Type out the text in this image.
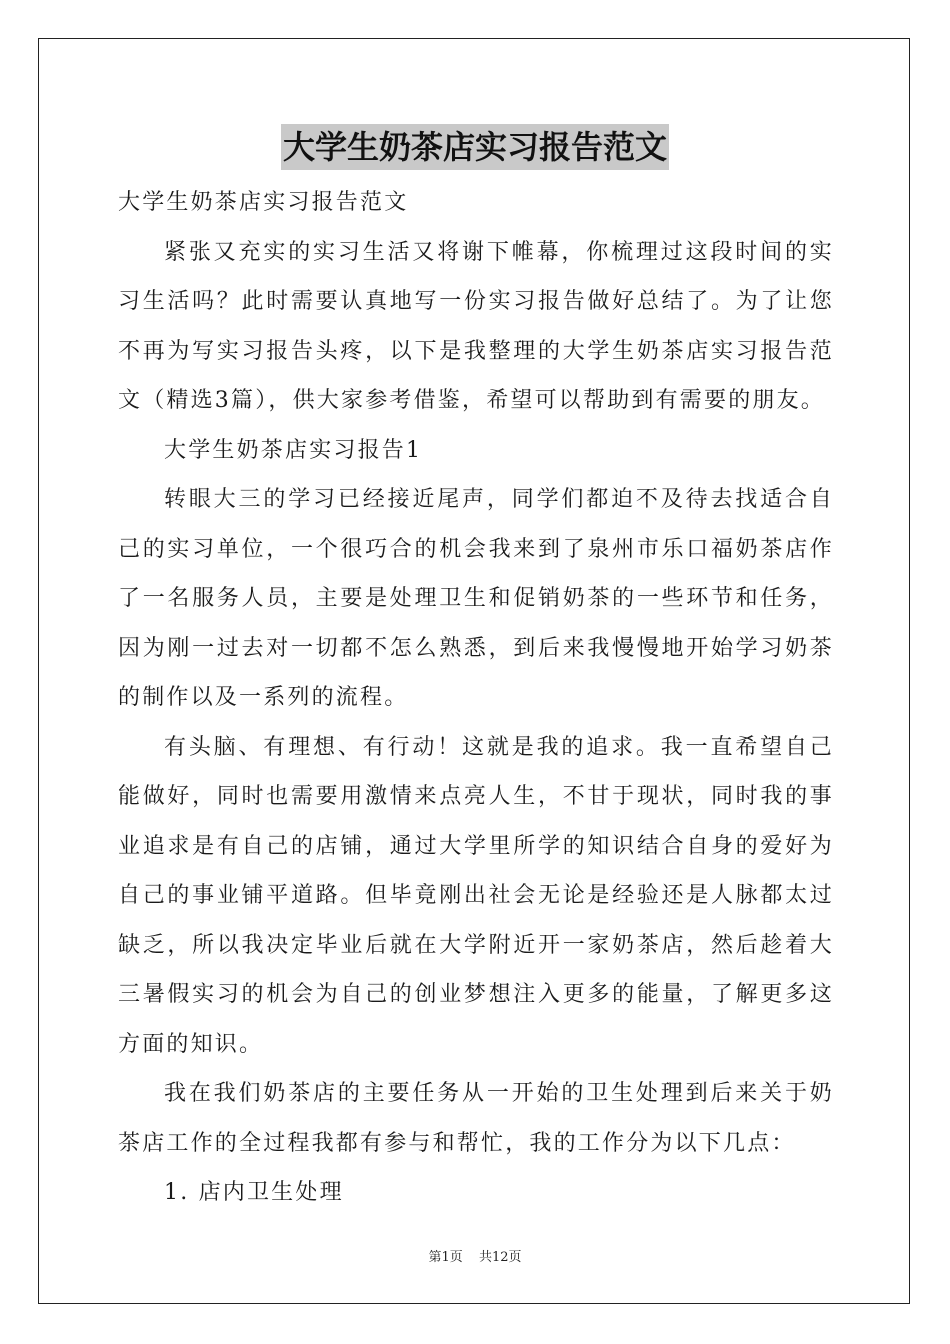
大学生奶茶店实习报告范文

大学生奶茶店实习报告范文

紧张又充实的实习生活又将谢下帷幕，你梳理过这段时间的实习生活吗？此时需要认真地写一份实习报告做好总结了。为了让您不再为写实习报告头疼，以下是我整理的大学生奶茶店实习报告范文（精选3篇），供大家参考借鉴，希望可以帮助到有需要的朋友。

大学生奶茶店实习报告1

转眼大三的学习已经接近尾声，同学们都迫不及待去找适合自己的实习单位，一个很巧合的机会我来到了泉州市乐口福奶茶店作了一名服务人员，主要是处理卫生和促销奶茶的一些环节和任务，因为刚一过去对一切都不怎么熟悉，到后来我慢慢地开始学习奶茶的制作以及一系列的流程。

有头脑、有理想、有行动！这就是我的追求。我一直希望自己能做好，同时也需要用激情来点亮人生，不甘于现状，同时我的事业追求是有自己的店铺，通过大学里所学的知识结合自身的爱好为自己的事业铺平道路。但毕竟刚出社会无论是经验还是人脉都太过缺乏，所以我决定毕业后就在大学附近开一家奶茶店，然后趁着大三暑假实习的机会为自己的创业梦想注入更多的能量，了解更多这方面的知识。

我在我们奶茶店的主要任务从一开始的卫生处理到后来关于奶茶店工作的全过程我都有参与和帮忙，我的工作分为以下几点：

1. 店内卫生处理

第1页 共12页
